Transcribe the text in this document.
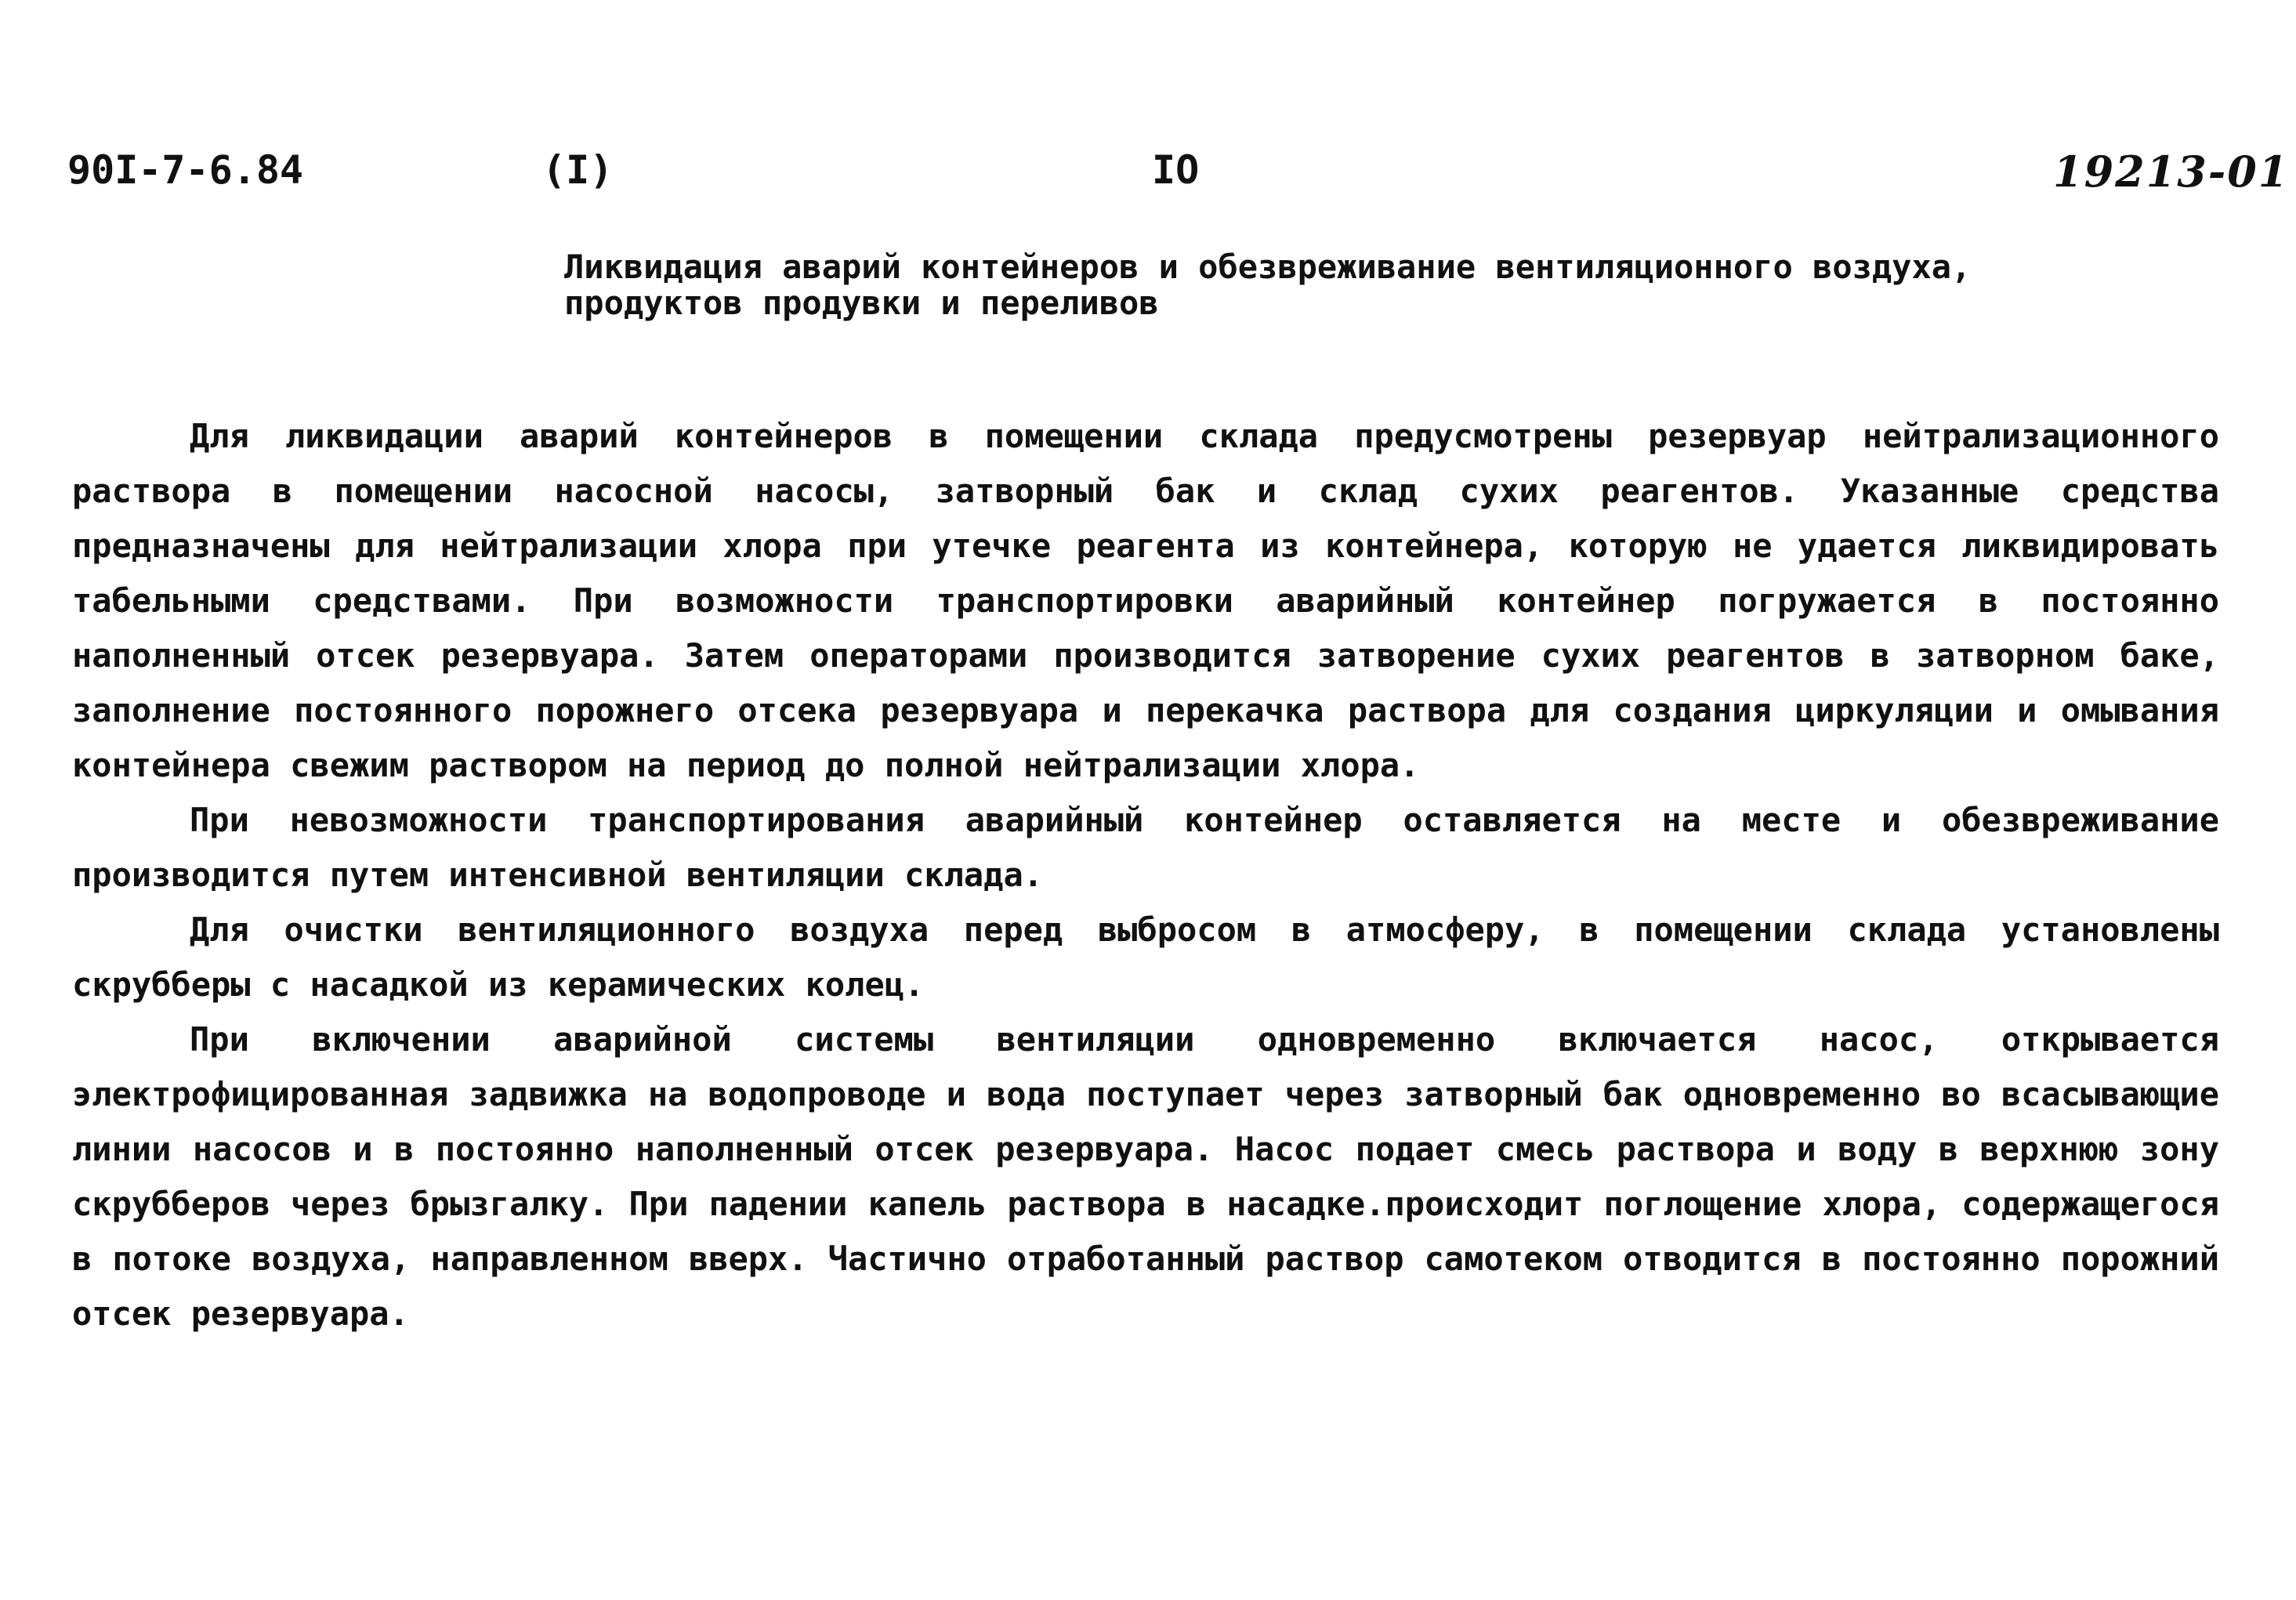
90I-7-6.84	(I)	IO	19213-01
Ликвидация аварий контейнеров и обезвреживание вентиляционного воздуха, продуктов продувки и переливов

Для ликвидации аварий контейнеров в помещении склада предусмотрены резервуар нейтрализационного раствора в помещении насосной насосы, затворный бак и склад сухих реагентов. Указанные средства предназначены для нейтрализации хлора при утечке реагента из контейнера, которую не удается ликвидировать табельными средствами. При возможности транспортировки аварийный контейнер погружается в постоянно наполненный отсек резервуара. Затем операторами производится затворение сухих реагентов в затворном баке, заполнение постоянного порожнего отсека резервуара и перекачка раствора для создания циркуляции и омывания контейнера свежим раствором на период до полной нейтрализации хлора.

При невозможности транспортирования аварийный контейнер оставляется на месте и обезвреживание производится путем интенсивной вентиляции склада.

Для очистки вентиляционного воздуха перед выбросом в атмосферу, в помещении склада установлены скрубберы с насадкой из керамических колец.

При включении аварийной системы вентиляции одновременно включается насос, открывается электрофицированная задвижка на водопроводе и вода поступает через затворный бак одновременно во всасывающие линии насосов и в постоянно наполненный отсек резервуара. Насос подает смесь раствора и воду в верхнюю зону скрубберов через брызгалку. При падении капель раствора в насадке.происходит поглощение хлора, содержащегося в потоке воздуха, направленном вверх. Частично отработанный раствор самотеком отводится в постоянно порожний отсек резервуара.
